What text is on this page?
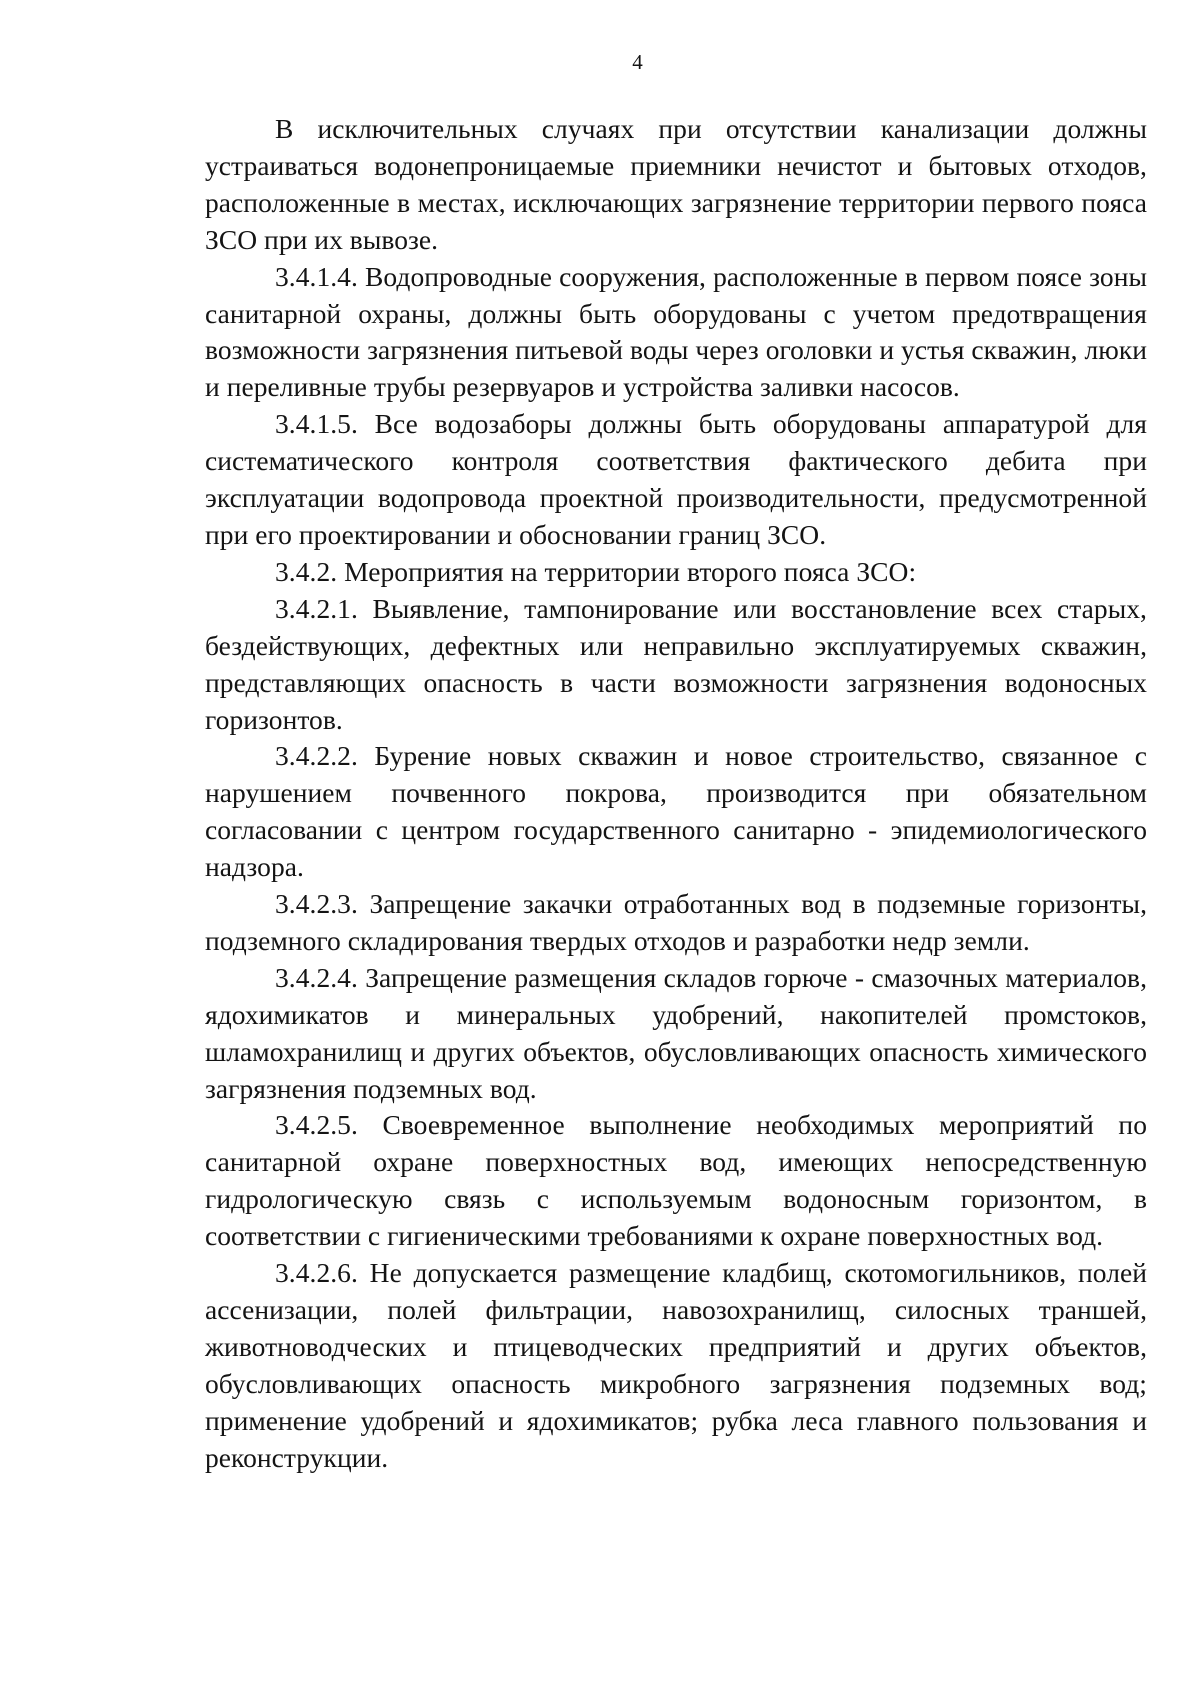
4

В исключительных случаях при отсутствии канализации должны устраиваться водонепроницаемые приемники нечистот и бытовых отходов, расположенные в местах, исключающих загрязнение территории первого пояса ЗСО при их вывозе.

3.4.1.4. Водопроводные сооружения, расположенные в первом поясе зоны санитарной охраны, должны быть оборудованы с учетом предотвращения возможности загрязнения питьевой воды через оголовки и устья скважин, люки и переливные трубы резервуаров и устройства заливки насосов.

3.4.1.5. Все водозаборы должны быть оборудованы аппаратурой для систематического контроля соответствия фактического дебита при эксплуатации водопровода проектной производительности, предусмотренной при его проектировании и обосновании границ ЗСО.

3.4.2. Мероприятия на территории второго пояса ЗСО:

3.4.2.1. Выявление, тампонирование или восстановление всех старых, бездействующих, дефектных или неправильно эксплуатируемых скважин, представляющих опасность в части возможности загрязнения водоносных горизонтов.

3.4.2.2. Бурение новых скважин и новое строительство, связанное с нарушением почвенного покрова, производится при обязательном согласовании с центром государственного санитарно - эпидемиологического надзора.

3.4.2.3. Запрещение закачки отработанных вод в подземные горизонты, подземного складирования твердых отходов и разработки недр земли.

3.4.2.4. Запрещение размещения складов горюче - смазочных материалов, ядохимикатов и минеральных удобрений, накопителей промстоков, шламохранилищ и других объектов, обусловливающих опасность химического загрязнения подземных вод.

3.4.2.5. Своевременное выполнение необходимых мероприятий по санитарной охране поверхностных вод, имеющих непосредственную гидрологическую связь с используемым водоносным горизонтом, в соответствии с гигиеническими требованиями к охране поверхностных вод.

3.4.2.6. Не допускается размещение кладбищ, скотомогильников, полей ассенизации, полей фильтрации, навозохранилищ, силосных траншей, животноводческих и птицеводческих предприятий и других объектов, обусловливающих опасность микробного загрязнения подземных вод; применение удобрений и ядохимикатов; рубка леса главного пользования и реконструкции.
